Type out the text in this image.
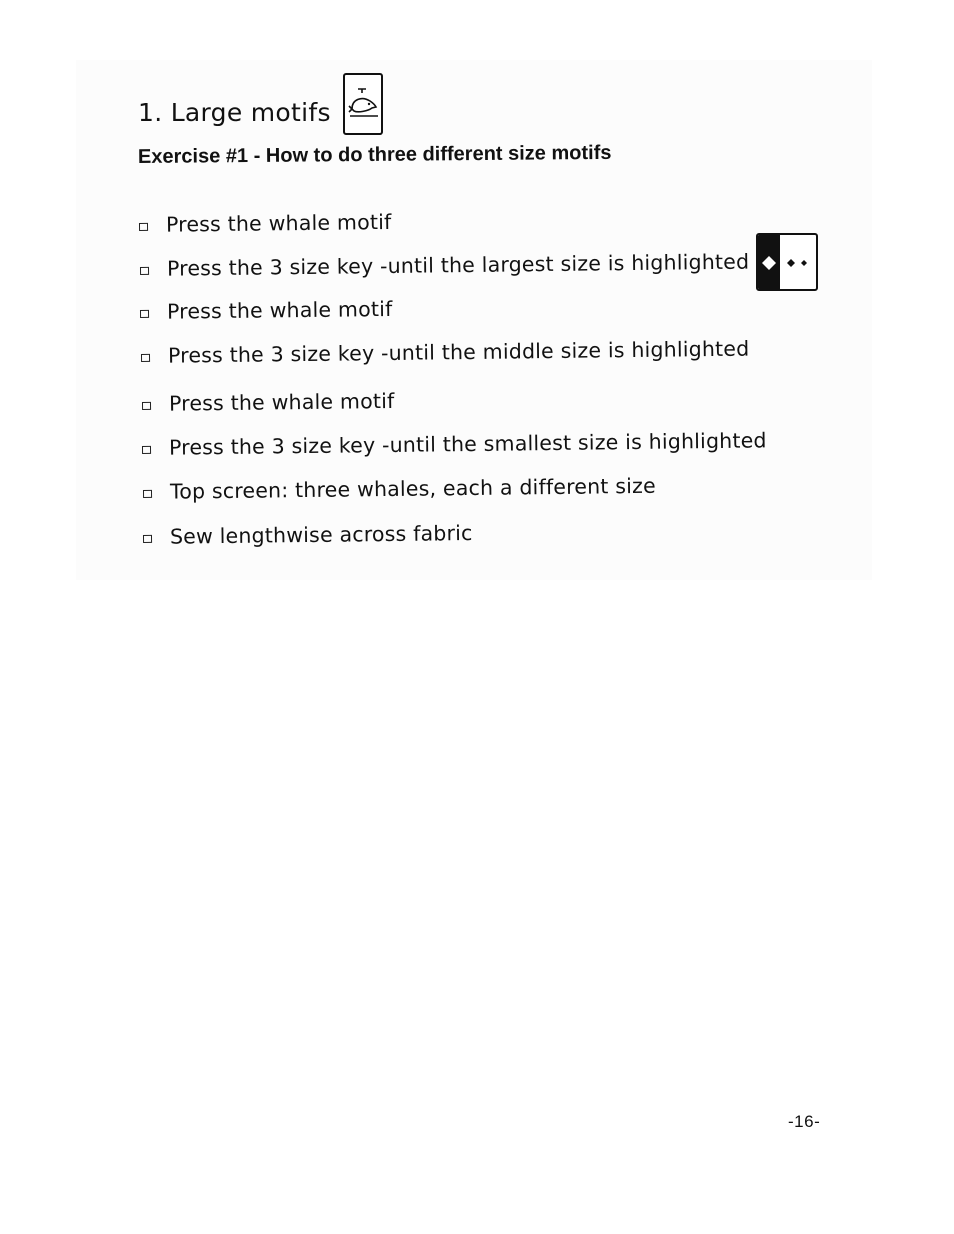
1. Large motifs
Exercise #1 - How to do three different size motifs
Press the whale motif
Press the 3 size key -until the largest size is highlighted
Press the whale motif
Press the 3 size key -until the middle size is highlighted
Press the whale motif
Press the 3 size key -until the smallest size is highlighted
Top screen: three whales, each a different size
Sew lengthwise across fabric
-16-
